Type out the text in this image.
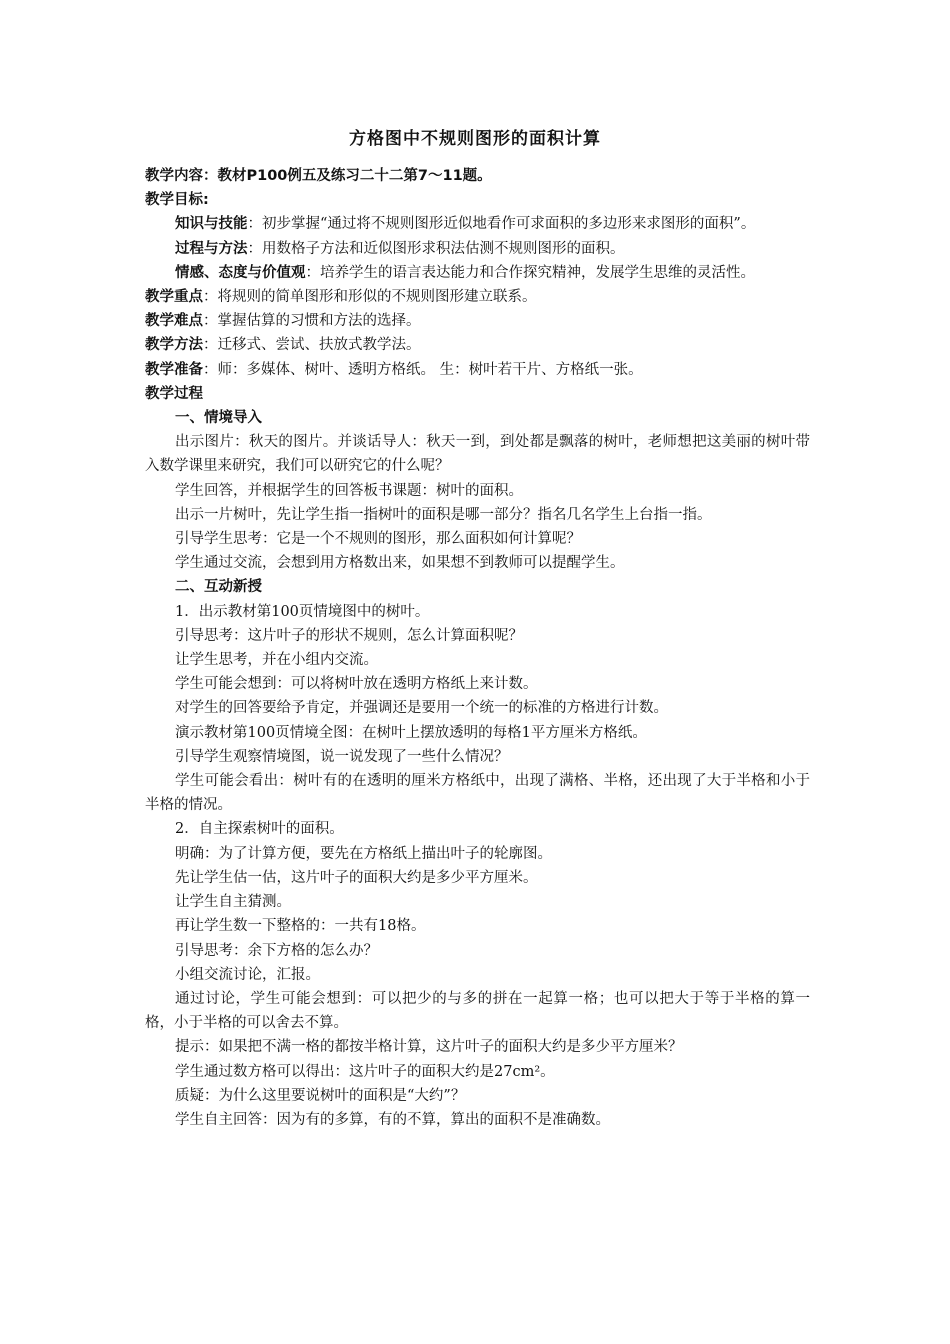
方格图中不规则图形的面积计算
教学内容：教材P100例五及练习二十二第7～11题。
教学目标:
知识与技能：初步掌握“通过将不规则图形近似地看作可求面积的多边形来求图形的面积”。
过程与方法：用数格子方法和近似图形求积法估测不规则图形的面积。
情感、态度与价值观：培养学生的语言表达能力和合作探究精神，发展学生思维的灵活性。
教学重点：将规则的简单图形和形似的不规则图形建立联系。
教学难点：掌握估算的习惯和方法的选择。
教学方法：迁移式、尝试、扶放式教学法。
教学准备：师：多媒体、树叶、透明方格纸。 生：树叶若干片、方格纸一张。
教学过程
一、情境导入
出示图片：秋天的图片。并谈话导人：秋天一到，到处都是飘落的树叶，老师想把这美丽的树叶带入数学课里来研究，我们可以研究它的什么呢？
学生回答，并根据学生的回答板书课题：树叶的面积。
出示一片树叶，先让学生指一指树叶的面积是哪一部分？指名几名学生上台指一指。
引导学生思考：它是一个不规则的图形，那么面积如何计算呢？
学生通过交流，会想到用方格数出来，如果想不到教师可以提醒学生。
二、互动新授
1．出示教材第100页情境图中的树叶。
引导思考：这片叶子的形状不规则，怎么计算面积呢？
让学生思考，并在小组内交流。
学生可能会想到：可以将树叶放在透明方格纸上来计数。
对学生的回答要给予肯定，并强调还是要用一个统一的标准的方格进行计数。
演示教材第100页情境全图：在树叶上摆放透明的每格1平方厘米方格纸。
引导学生观察情境图，说一说发现了一些什么情况？
学生可能会看出：树叶有的在透明的厘米方格纸中，出现了满格、半格，还出现了大于半格和小于半格的情况。
2．自主探索树叶的面积。
明确：为了计算方便，要先在方格纸上描出叶子的轮廓图。
先让学生估一估，这片叶子的面积大约是多少平方厘米。
让学生自主猜测。
再让学生数一下整格的：一共有18格。
引导思考：余下方格的怎么办？
小组交流讨论，汇报。
通过讨论，学生可能会想到：可以把少的与多的拼在一起算一格；也可以把大于等于半格的算一格，小于半格的可以舍去不算。
提示：如果把不满一格的都按半格计算，这片叶子的面积大约是多少平方厘米？
学生通过数方格可以得出：这片叶子的面积大约是27cm²。
质疑：为什么这里要说树叶的面积是“大约”？
学生自主回答：因为有的多算，有的不算，算出的面积不是准确数。
